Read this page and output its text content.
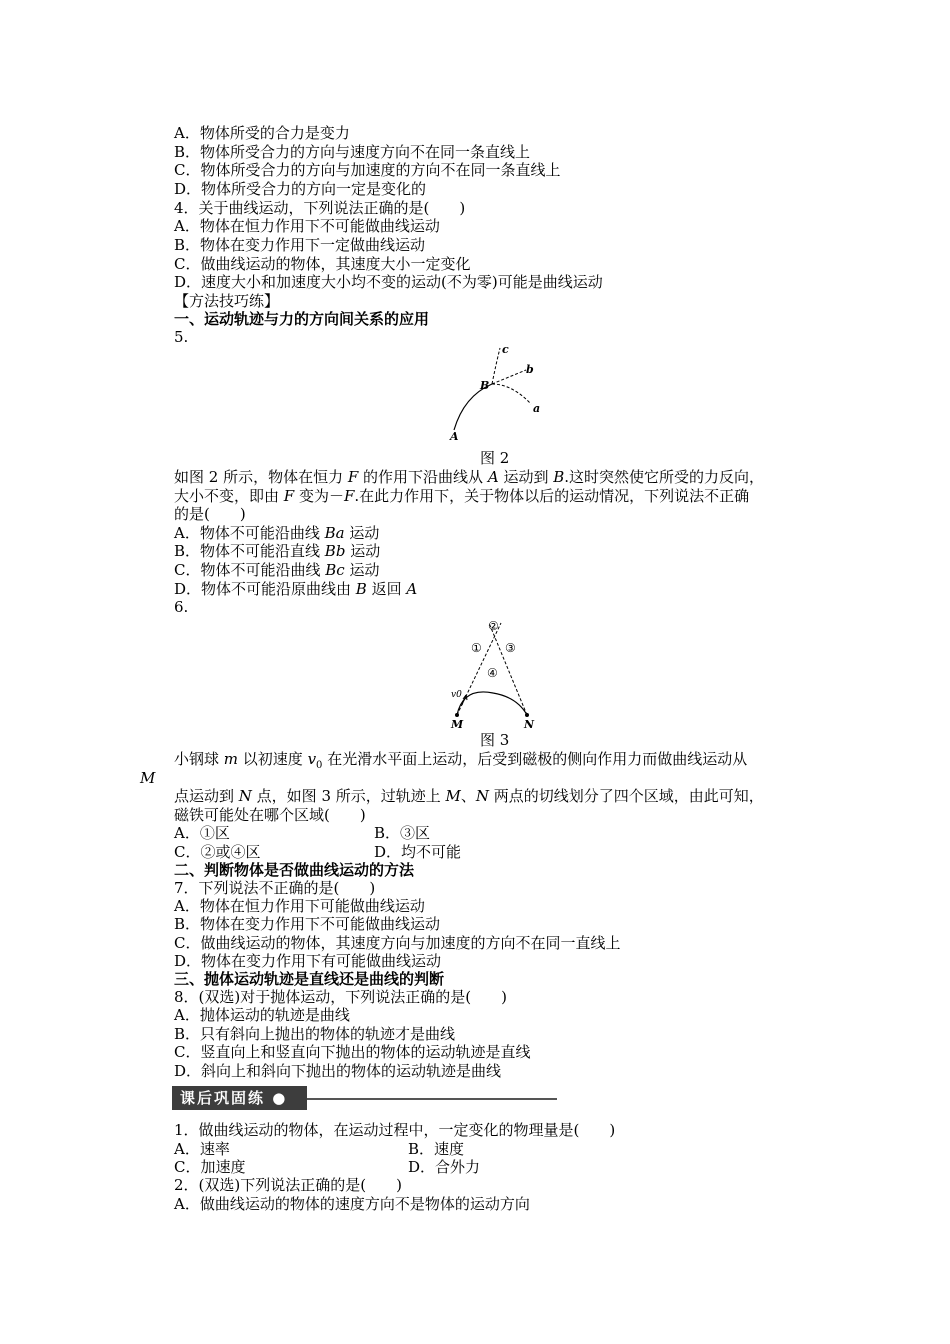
A．物体所受的合力是变力
B．物体所受合力的方向与速度方向不在同一条直线上
C．物体所受合力的方向与加速度的方向不在同一条直线上
D．物体所受合力的方向一定是变化的
4．关于曲线运动，下列说法正确的是(　　)
A．物体在恒力作用下不可能做曲线运动
B．物体在变力作用下一定做曲线运动
C．做曲线运动的物体，其速度大小一定变化
D．速度大小和加速度大小均不变的运动(不为零)可能是曲线运动
【方法技巧练】
一、运动轨迹与力的方向间关系的应用
5.
A
B
a
b
c
图 2
如图 2 所示，物体在恒力 F 的作用下沿曲线从 A 运动到 B.这时突然使它所受的力反向，
大小不变，即由 F 变为－F.在此力作用下，关于物体以后的运动情况，下列说法不正确
的是(　　)
A．物体不可能沿曲线 Ba 运动
B．物体不可能沿直线 Bb 运动
C．物体不可能沿曲线 Bc 运动
D．物体不可能沿原曲线由 B 返回 A
6.
②
① ③
④
v0
M	N
图 3
小钢球 m 以初速度 $v_0$ 在光滑水平面上运动，后受到磁极的侧向作用力而做曲线运动从
M
点运动到 N 点，如图 3 所示，过轨迹上 M、N 两点的切线划分了四个区域，由此可知，
磁铁可能处在哪个区域(　　)
A．①区	B．③区
C．②或④区	D．均不可能
二、判断物体是否做曲线运动的方法
7．下列说法不正确的是(　　)
A．物体在恒力作用下可能做曲线运动
B．物体在变力作用下不可能做曲线运动
C．做曲线运动的物体，其速度方向与加速度的方向不在同一直线上
D．物体在变力作用下有可能做曲线运动
三、抛体运动轨迹是直线还是曲线的判断
8．(双选)对于抛体运动，下列说法正确的是(　　)
A．抛体运动的轨迹是曲线
B．只有斜向上抛出的物体的轨迹才是曲线
C．竖直向上和竖直向下抛出的物体的运动轨迹是直线
D．斜向上和斜向下抛出的物体的运动轨迹是曲线
课后巩固练 ●
1．做曲线运动的物体，在运动过程中，一定变化的物理量是(　　)
A．速率	B．速度
C．加速度	D．合外力
2．(双选)下列说法正确的是(　　)
A．做曲线运动的物体的速度方向不是物体的运动方向
